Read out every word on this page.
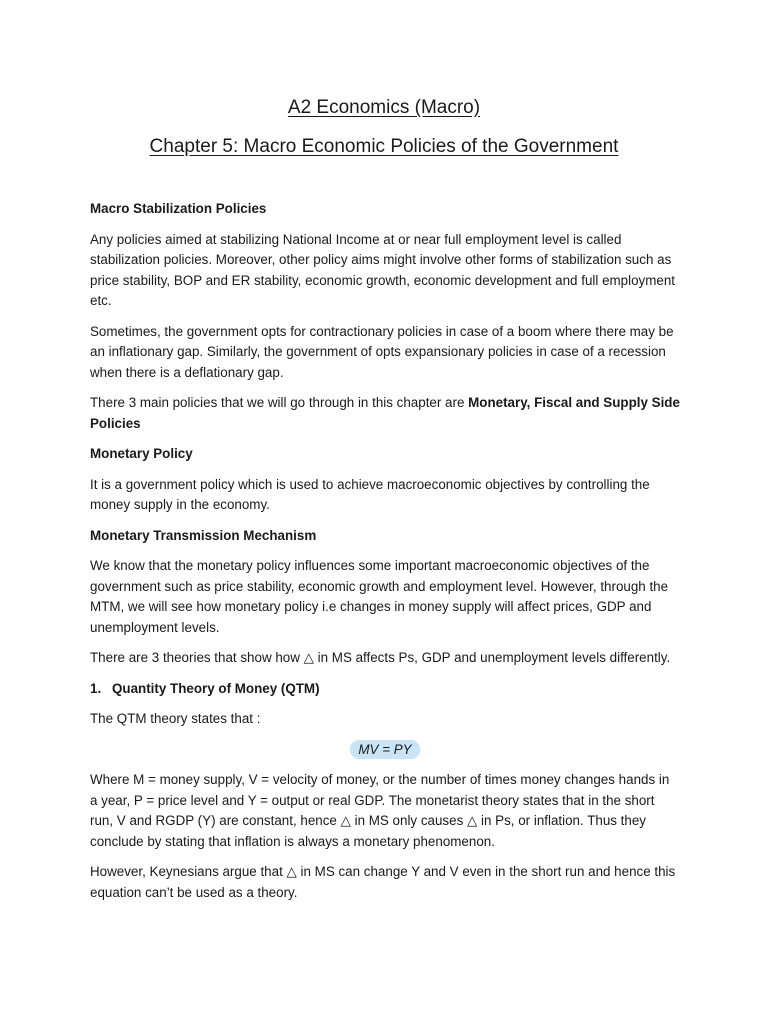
A2 Economics (Macro)
Chapter 5: Macro Economic Policies of the Government

Macro Stabilization Policies

Any policies aimed at stabilizing National Income at or near full employment level is called stabilization policies. Moreover, other policy aims might involve other forms of stabilization such as price stability, BOP and ER stability, economic growth, economic development and full employment etc.

Sometimes, the government opts for contractionary policies in case of a boom where there may be an inflationary gap. Similarly, the government of opts expansionary policies in case of a recession when there is a deflationary gap.

There 3 main policies that we will go through in this chapter are Monetary, Fiscal and Supply Side Policies

Monetary Policy

It is a government policy which is used to achieve macroeconomic objectives by controlling the money supply in the economy.

Monetary Transmission Mechanism

We know that the monetary policy influences some important macroeconomic objectives of the government such as price stability, economic growth and employment level. However, through the MTM, we will see how monetary policy i.e changes in money supply will affect prices, GDP and unemployment levels.

There are 3 theories that show how △ in MS affects Ps, GDP and unemployment levels differently.

1. Quantity Theory of Money (QTM)

The QTM theory states that :

MV = PY

Where M = money supply, V = velocity of money, or the number of times money changes hands in a year, P = price level and Y = output or real GDP. The monetarist theory states that in the short run, V and RGDP (Y) are constant, hence △ in MS only causes △ in Ps, or inflation. Thus they conclude by stating that inflation is always a monetary phenomenon.

However, Keynesians argue that △ in MS can change Y and V even in the short run and hence this equation can’t be used as a theory.
